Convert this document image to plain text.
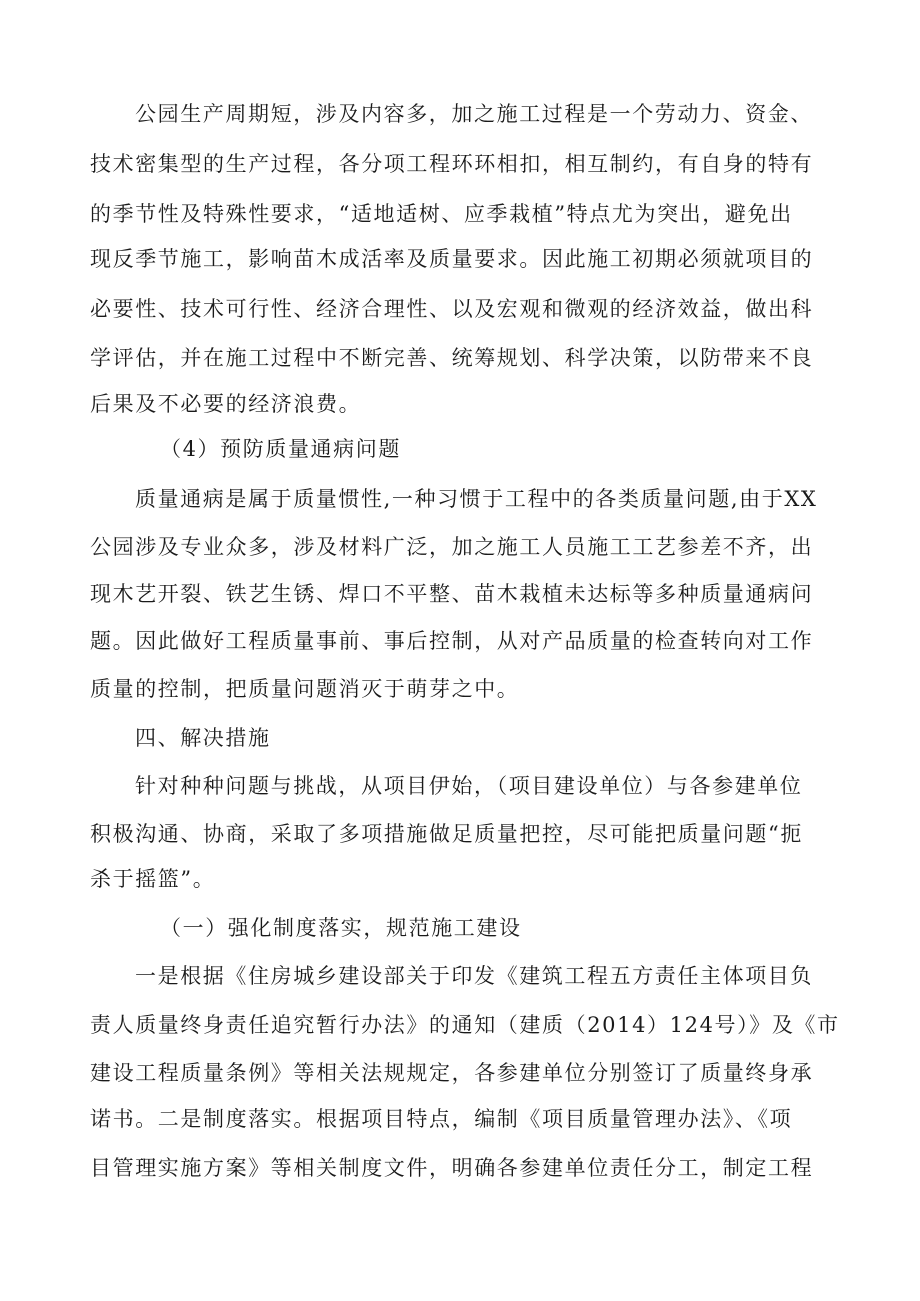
公园生产周期短，涉及内容多，加之施工过程是一个劳动力、资金、
技术密集型的生产过程，各分项工程环环相扣，相互制约，有自身的特有
的季节性及特殊性要求，“适地适树、应季栽植”特点尤为突出，避免出
现反季节施工，影响苗木成活率及质量要求。因此施工初期必须就项目的
必要性、技术可行性、经济合理性、以及宏观和微观的经济效益，做出科
学评估，并在施工过程中不断完善、统筹规划、科学决策，以防带来不良
后果及不必要的经济浪费。
（4）预防质量通病问题
质量通病是属于质量惯性,一种习惯于工程中的各类质量问题,由于XX
公园涉及专业众多，涉及材料广泛，加之施工人员施工工艺参差不齐，出
现木艺开裂、铁艺生锈、焊口不平整、苗木栽植未达标等多种质量通病问
题。因此做好工程质量事前、事后控制，从对产品质量的检查转向对工作
质量的控制，把质量问题消灭于萌芽之中。
四、解决措施
针对种种问题与挑战，从项目伊始，（项目建设单位）与各参建单位
积极沟通、协商，采取了多项措施做足质量把控，尽可能把质量问题“扼
杀于摇篮”。
（一）强化制度落实，规范施工建设
一是根据《住房城乡建设部关于印发《建筑工程五方责任主体项目负
责人质量终身责任追究暂行办法》的通知（建质（2014）124号）》及《市
建设工程质量条例》等相关法规规定，各参建单位分别签订了质量终身承
诺书。二是制度落实。根据项目特点，编制《项目质量管理办法》、《项
目管理实施方案》等相关制度文件，明确各参建单位责任分工，制定工程
